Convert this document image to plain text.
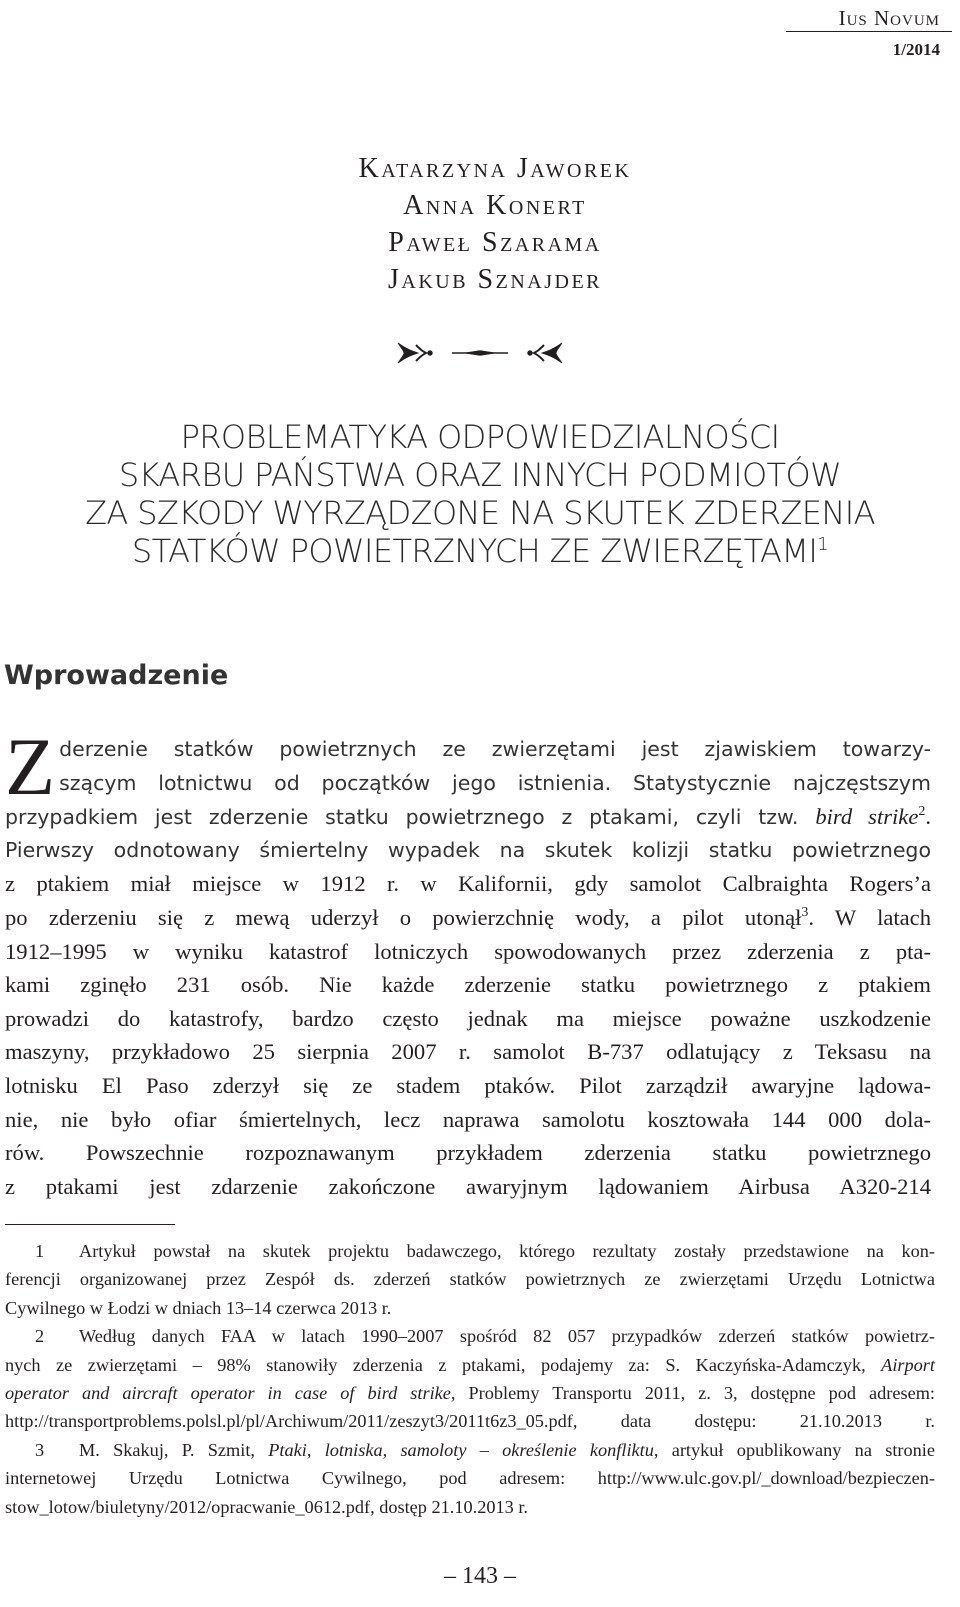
Ius Novum
1/2014
Katarzyna Jaworek
Anna Konert
Paweł Szarama
Jakub Sznajder
PROBLEMATYKA ODPOWIEDZIALNOŚCI
SKARBU PAŃSTWA ORAZ INNYCH PODMIOTÓW
ZA SZKODY WYRZĄDZONE NA SKUTEK ZDERZENIA
STATKÓW POWIETRZNYCH ZE ZWIERZĘTAMI$^1$
Wprowadzenie
Z derzenie statków powietrznych ze zwierzętami jest zjawiskiem towarzy-
szącym lotnictwu od początków jego istnienia. Statystycznie najczęstszym
przypadkiem jest zderzenie statku powietrznego z ptakami, czyli tzw. bird strike$^2$.
Pierwszy odnotowany śmiertelny wypadek na skutek kolizji statku powietrznego
z ptakiem miał miejsce w 1912 r. w Kalifornii, gdy samolot Calbraighta Rogers’a
po zderzeniu się z mewą uderzył o powierzchnię wody, a pilot utonął$^3$. W latach
1912–1995 w wyniku katastrof lotniczych spowodowanych przez zderzenia z pta-
kami zginęło 231 osób. Nie każde zderzenie statku powietrznego z ptakiem
prowadzi do katastrofy, bardzo często jednak ma miejsce poważne uszkodzenie
maszyny, przykładowo 25 sierpnia 2007 r. samolot B-737 odlatujący z Teksasu na
lotnisku El Paso zderzył się ze stadem ptaków. Pilot zarządził awaryjne lądowa-
nie, nie było ofiar śmiertelnych, lecz naprawa samolotu kosztowała 144 000 dola-
rów. Powszechnie rozpoznawanym przykładem zderzenia statku powietrznego
z ptakami jest zdarzenie zakończone awaryjnym lądowaniem Airbusa A320-214
1 Artykuł powstał na skutek projektu badawczego, którego rezultaty zostały przedstawione na kon-
ferencji organizowanej przez Zespół ds. zderzeń statków powietrznych ze zwierzętami Urzędu Lotnictwa
Cywilnego w Łodzi w dniach 13–14 czerwca 2013 r.
2 Według danych FAA w latach 1990–2007 spośród 82 057 przypadków zderzeń statków powietrz-
nych ze zwierzętami – 98% stanowiły zderzenia z ptakami, podajemy za: S. Kaczyńska-Adamczyk, Airport
operator and aircraft operator in case of bird strike, Problemy Transportu 2011, z. 3, dostępne pod adresem:
http://transportproblems.polsl.pl/pl/Archiwum/2011/zeszyt3/2011t6z3_05.pdf, data dostępu: 21.10.2013 r.
3 M. Skakuj, P. Szmit, Ptaki, lotniska, samoloty – określenie konfliktu, artykuł opublikowany na stronie
internetowej Urzędu Lotnictwa Cywilnego, pod adresem: http://www.ulc.gov.pl/_download/bezpieczen-
stow_lotow/biuletyny/2012/opracwanie_0612.pdf, dostęp 21.10.2013 r.
– 143 –
